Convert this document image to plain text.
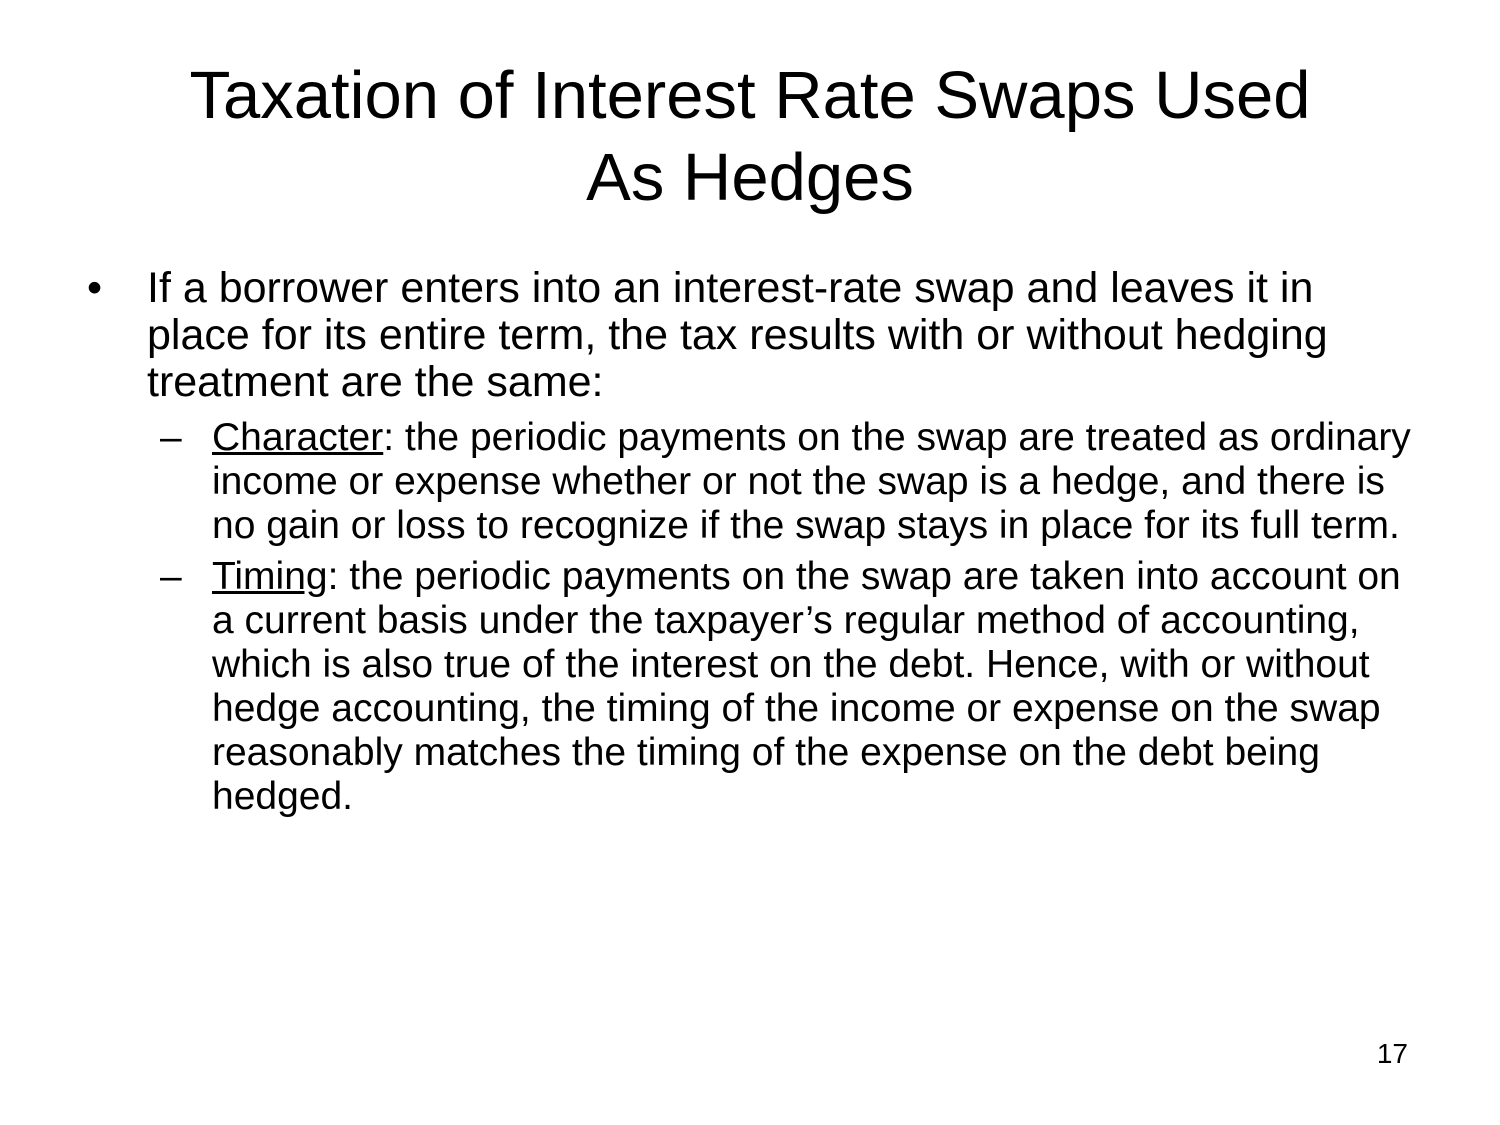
Taxation of Interest Rate Swaps Used
As Hedges
• If a borrower enters into an interest-rate swap and leaves it in place for its entire term, the tax results with or without hedging treatment are the same:
– Character: the periodic payments on the swap are treated as ordinary income or expense whether or not the swap is a hedge, and there is no gain or loss to recognize if the swap stays in place for its full term.
– Timing: the periodic payments on the swap are taken into account on a current basis under the taxpayer’s regular method of accounting, which is also true of the interest on the debt. Hence, with or without hedge accounting, the timing of the income or expense on the swap reasonably matches the timing of the expense on the debt being hedged.
17
